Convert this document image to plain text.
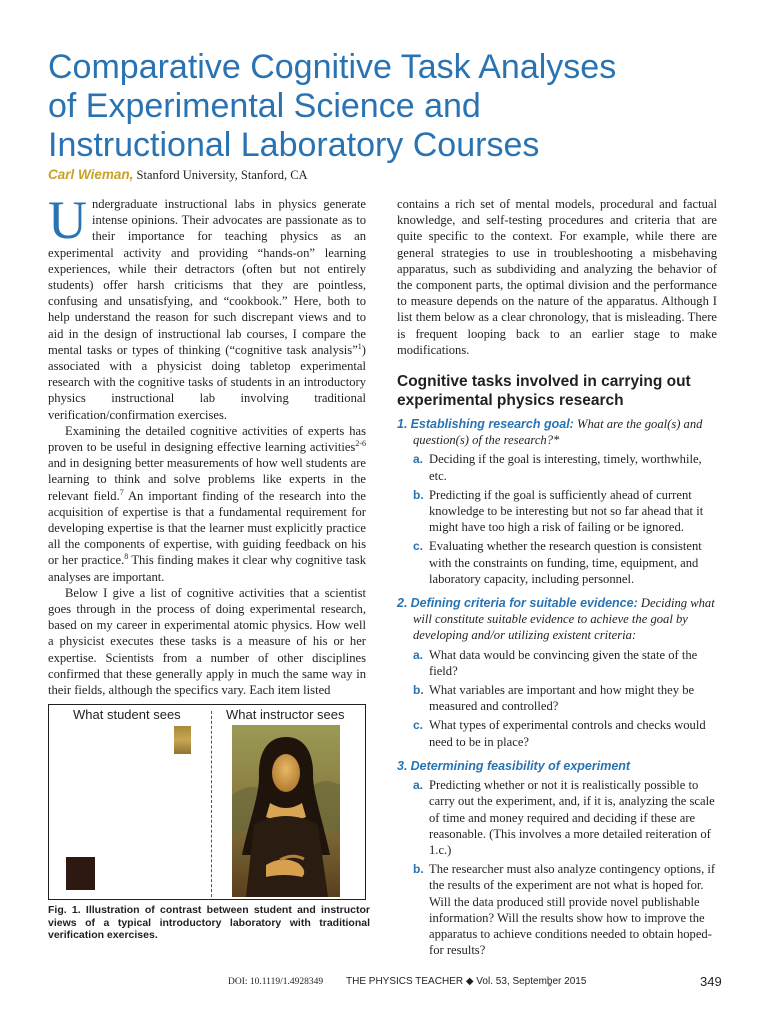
Comparative Cognitive Task Analyses
of Experimental Science and
Instructional Laboratory Courses
Carl Wieman, Stanford University, Stanford, CA

Undergraduate instructional labs in physics generate intense opinions. Their advocates are passionate as to their importance for teaching physics as an experimental activity and providing “hands-on” learning experiences, while their detractors (often but not entirely students) offer harsh criticisms that they are pointless, confusing and unsatisfying, and “cookbook.” Here, both to help understand the reason for such discrepant views and to aid in the design of instructional lab courses, I compare the mental tasks or types of thinking (“cognitive task analysis”$^1$) associated with a physicist doing tabletop experimental research with the cognitive tasks of students in an introductory physics instructional lab involving traditional verification/confirmation exercises.

Examining the detailed cognitive activities of experts has proven to be useful in designing effective learning activities$^{2-6}$ and in designing better measurements of how well students are learning to think and solve problems like experts in the relevant field.$^7$ An important finding of the research into the acquisition of expertise is that a fundamental requirement for developing expertise is that the learner must explicitly practice all the components of expertise, with guiding feedback on his or her practice.$^8$ This finding makes it clear why cognitive task analyses are important.

Below I give a list of cognitive activities that a scientist goes through in the process of doing experimental research, based on my career in experimental atomic physics. How well a physicist executes these tasks is a measure of his or her expertise. Scientists from a number of other disciplines confirmed that these generally apply in much the same way in their fields, although the specifics vary. Each item listed

What student sees	What instructor sees

Fig. 1. Illustration of contrast between student and instructor views of a typical introductory laboratory with traditional verification exercises.

contains a rich set of mental models, procedural and factual knowledge, and self-testing procedures and criteria that are quite specific to the context. For example, while there are general strategies to use in troubleshooting a misbehaving apparatus, such as subdividing and analyzing the behavior of the component parts, the optimal division and the performance to measure depends on the nature of the apparatus. Although I list them below as a clear chronology, that is misleading. There is frequent looping back to an earlier stage to make modifications.

Cognitive tasks involved in carrying out experimental physics research
1. Establishing research goal: What are the goal(s) and question(s) of the research?*
a. Deciding if the goal is interesting, timely, worthwhile, etc.
b. Predicting if the goal is sufficiently ahead of current knowledge to be interesting but not so far ahead that it might have too high a risk of failing or be ignored.
c. Evaluating whether the research question is consistent with the constraints on funding, time, equipment, and laboratory capacity, including personnel.
2. Defining criteria for suitable evidence: Deciding what will constitute suitable evidence to achieve the goal by developing and/or utilizing existent criteria:
a. What data would be convincing given the state of the field?
b. What variables are important and how might they be measured and controlled?
c. What types of experimental controls and checks would need to be in place?
3. Determining feasibility of experiment
a. Predicting whether or not it is realistically possible to carry out the experiment, and, if it is, analyzing the scale of time and money required and deciding if these are reasonable. (This involves a more detailed reiteration of 1.c.)
b. The researcher must also analyze contingency options, if the results of the experiment are not what is hoped for. Will the data produced still provide novel publishable information? Will the results show how to improve the apparatus to achieve conditions needed to obtain hoped-for results?
DOI: 10.1119/1.4928349 THE PHYSICS TEACHER ◆ Vol. 53, Septemb̳er 2015	349
